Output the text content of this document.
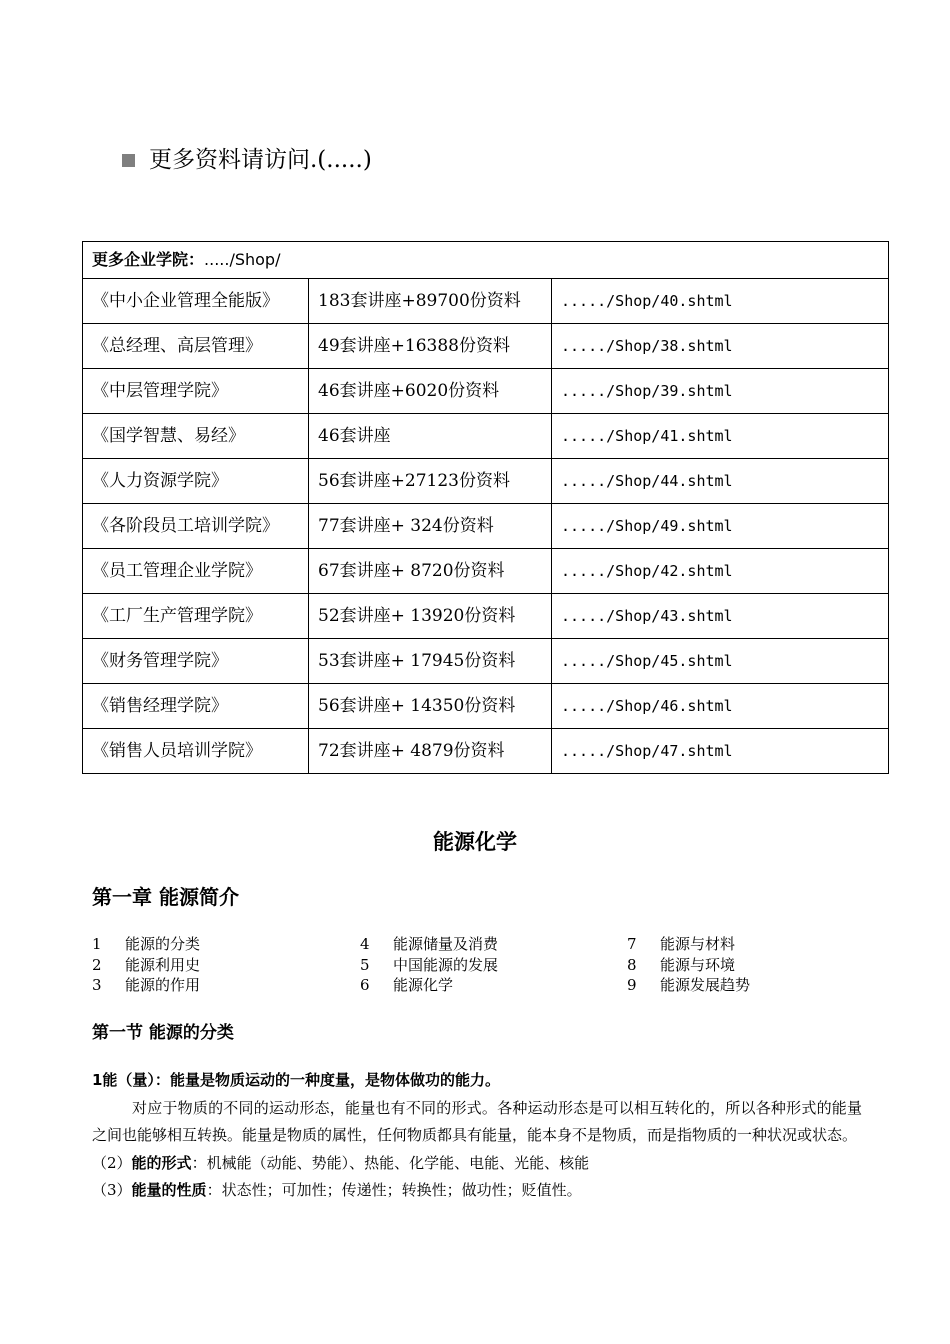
更多资料请访问.(.....)
更多企业学院：...../Shop/		
《中小企业管理全能版》	183套讲座+89700份资料	...../Shop/40.shtml
《总经理、高层管理》	49套讲座+16388份资料	...../Shop/38.shtml
《中层管理学院》	46套讲座+6020份资料	...../Shop/39.shtml
《国学智慧、易经》	46套讲座	...../Shop/41.shtml
《人力资源学院》	56套讲座+27123份资料	...../Shop/44.shtml
《各阶段员工培训学院》	77套讲座+ 324份资料	...../Shop/49.shtml
《员工管理企业学院》	67套讲座+ 8720份资料	...../Shop/42.shtml
《工厂生产管理学院》	52套讲座+ 13920份资料	...../Shop/43.shtml
《财务管理学院》	53套讲座+ 17945份资料	...../Shop/45.shtml
《销售经理学院》	56套讲座+ 14350份资料	...../Shop/46.shtml
《销售人员培训学院》	72套讲座+ 4879份资料	...../Shop/47.shtml
能源化学
第一章 能源简介
1 能源的分类
2 能源利用史
3 能源的作用
4 能源储量及消费
5 中国能源的发展
6 能源化学
7 能源与材料
8 能源与环境
9 能源发展趋势
第一节 能源的分类

1能（量）：能量是物质运动的一种度量，是物体做功的能力。

对应于物质的不同的运动形态，能量也有不同的形式。各种运动形态是可以相互转化的，所以各种形式的能量之间也能够相互转换。能量是物质的属性，任何物质都具有能量，能本身不是物质，而是指物质的一种状况或状态。

（2）能的形式：机械能（动能、势能）、热能、化学能、电能、光能、核能

（3）能量的性质：状态性；可加性；传递性；转换性；做功性；贬值性。
